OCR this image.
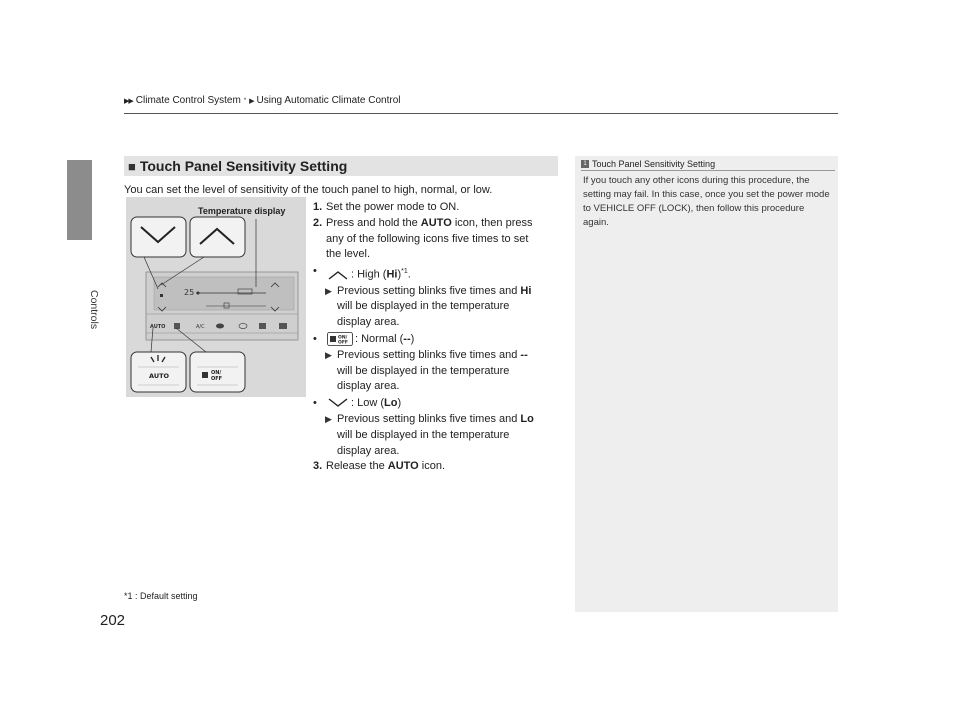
Controls
▶▶ Climate Control System * ▶ Using Automatic Climate Control
■ Touch Panel Sensitivity Setting
You can set the level of sensitivity of the touch panel to high, normal, or low.
25
AUTO	A/C
AUTO	ON/
OFF
Temperature display	1. Set the power mode to ON.
2. Press and hold the AUTO icon, then press
any of the following icons five times to set
the level.
•	: High $(Hi)^{*1}$.
▶ Previous setting blinks five times and Hi
will be displayed in the temperature
display area.
•	ON/
OFF : Normal (--)
▶ Previous setting blinks five times and --
will be displayed in the temperature
display area.
•	: Low (Lo)
▶ Previous setting blinks five times and Lo
will be displayed in the temperature
display area.
3. Release the AUTO icon.
1 Touch Panel Sensitivity Setting
If you touch any other icons during this procedure, the setting may fail. In this case, once you set the power mode to VEHICLE OFF (LOCK), then follow this procedure again.
*1 : Default setting
202
